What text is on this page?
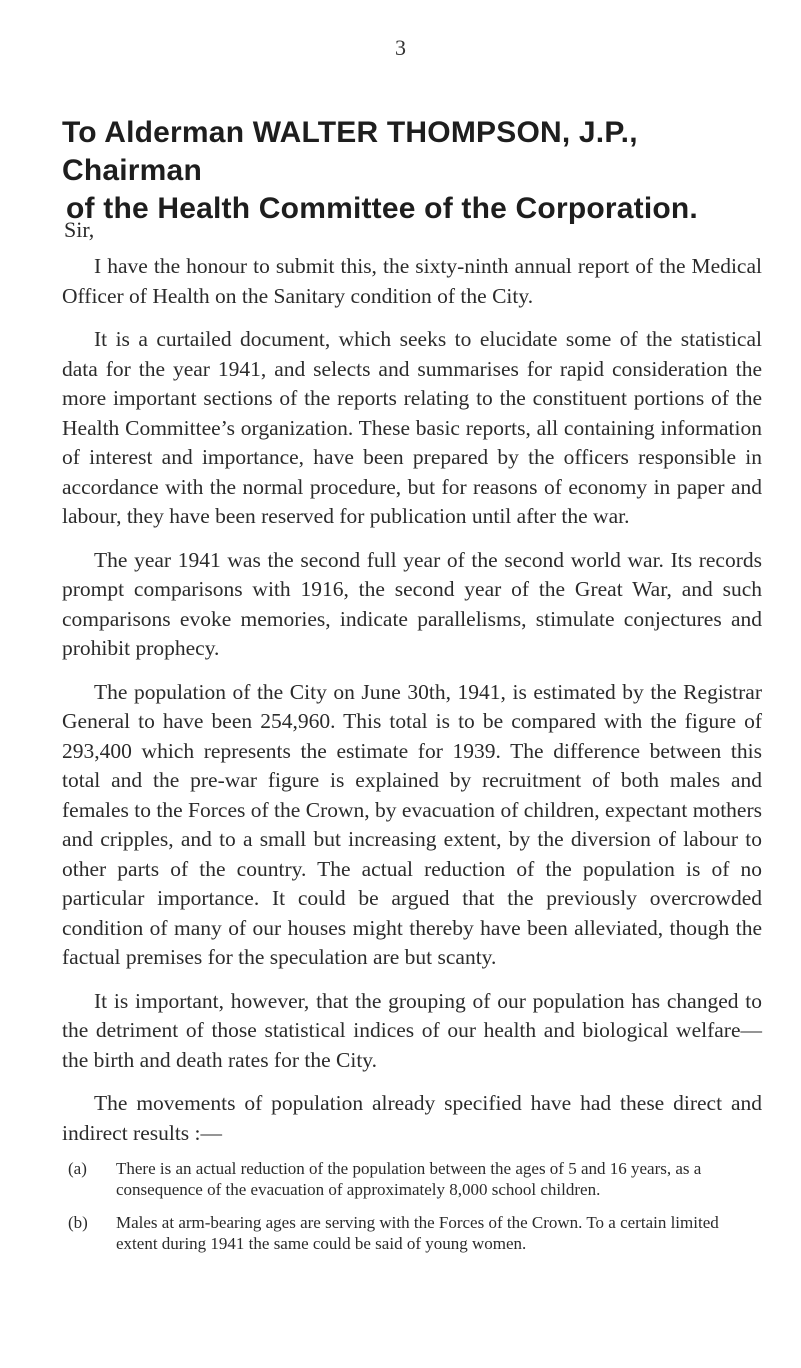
3
To Alderman WALTER THOMPSON, J.P., Chairman
of the Health Committee of the Corporation.
Sir,

I have the honour to submit this, the sixty-ninth annual report of the Medical Officer of Health on the Sanitary condition of the City.

It is a curtailed document, which seeks to elucidate some of the statistical data for the year 1941, and selects and summarises for rapid consideration the more important sections of the reports relating to the constituent portions of the Health Committee’s organization. These basic reports, all containing information of interest and importance, have been prepared by the officers responsible in accordance with the normal procedure, but for reasons of economy in paper and labour, they have been reserved for publication until after the war.

The year 1941 was the second full year of the second world war. Its records prompt comparisons with 1916, the second year of the Great War, and such comparisons evoke memories, indicate parallelisms, stimulate conjectures and prohibit prophecy.

The population of the City on June 30th, 1941, is estimated by the Registrar General to have been 254,960. This total is to be compared with the figure of 293,400 which represents the estimate for 1939. The difference between this total and the pre-war figure is explained by recruitment of both males and females to the Forces of the Crown, by evacuation of children, expectant mothers and cripples, and to a small but increasing extent, by the diversion of labour to other parts of the country. The actual reduction of the population is of no particular importance. It could be argued that the previously overcrowded condition of many of our houses might thereby have been alleviated, though the factual premises for the speculation are but scanty.

It is important, however, that the grouping of our population has changed to the detriment of those statistical indices of our health and biological welfare—the birth and death rates for the City.

The movements of population already specified have had these direct and indirect results :—

(a)	There is an actual reduction of the population between the ages of 5 and 16 years, as a consequence of the evacuation of approximately 8,000 school children.
(b)	Males at arm-bearing ages are serving with the Forces of the Crown. To a certain limited extent during 1941 the same could be said of young women.
